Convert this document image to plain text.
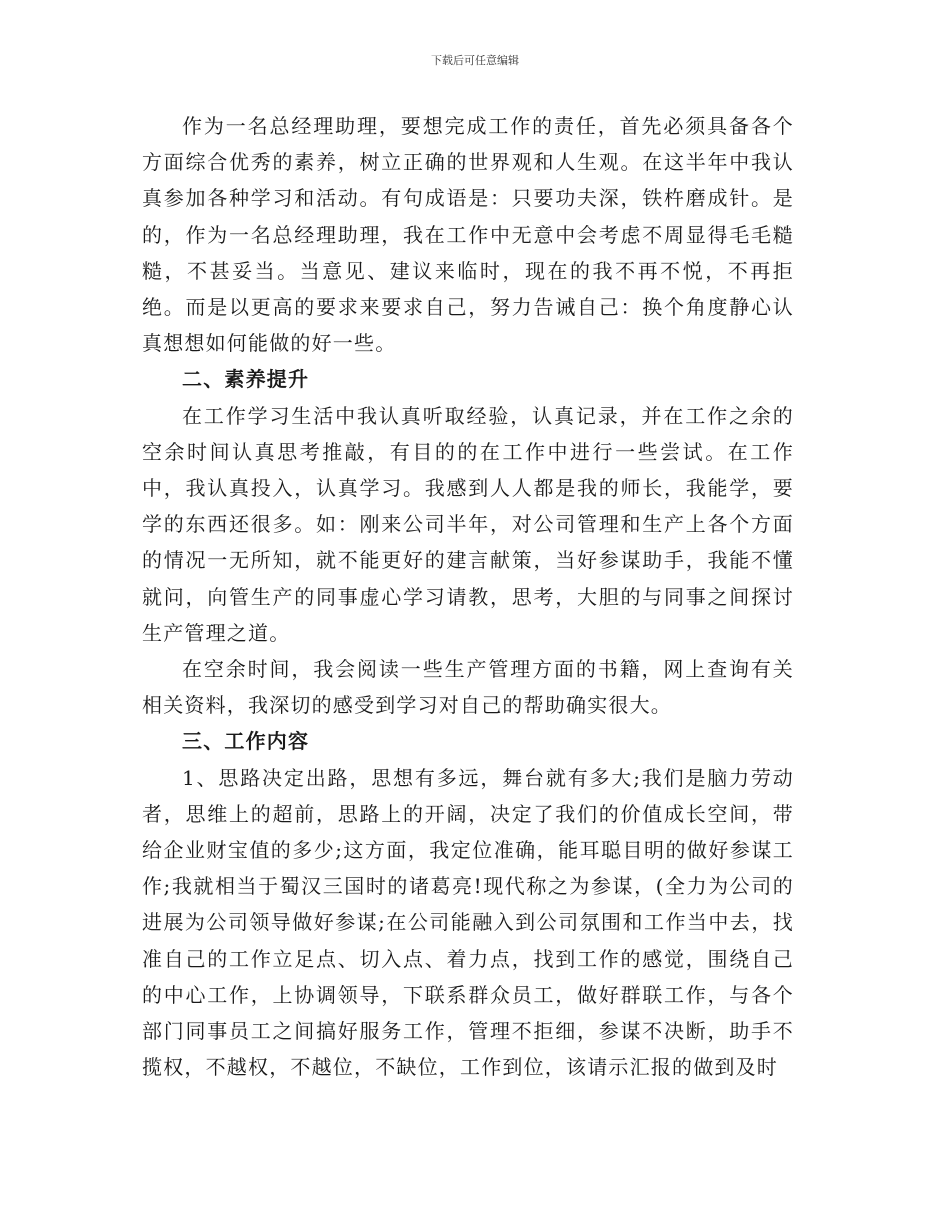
下载后可任意编辑

作为一名总经理助理，要想完成工作的责任，首先必须具备各个方面综合优秀的素养，树立正确的世界观和人生观。在这半年中我认真参加各种学习和活动。有句成语是：只要功夫深，铁杵磨成针。是的，作为一名总经理助理，我在工作中无意中会考虑不周显得毛毛糙糙，不甚妥当。当意见、建议来临时，现在的我不再不悦，不再拒绝。而是以更高的要求来要求自己，努力告诫自己：换个角度静心认真想想如何能做的好一些。

二、素养提升

在工作学习生活中我认真听取经验，认真记录，并在工作之余的空余时间认真思考推敲，有目的的在工作中进行一些尝试。在工作中，我认真投入，认真学习。我感到人人都是我的师长，我能学，要学的东西还很多。如：刚来公司半年，对公司管理和生产上各个方面的情况一无所知，就不能更好的建言献策，当好参谋助手，我能不懂就问，向管生产的同事虚心学习请教，思考，大胆的与同事之间探讨生产管理之道。

在空余时间，我会阅读一些生产管理方面的书籍，网上查询有关相关资料，我深切的感受到学习对自己的帮助确实很大。

三、工作内容

1、思路决定出路，思想有多远，舞台就有多大;我们是脑力劳动者，思维上的超前，思路上的开阔，决定了我们的价值成长空间，带给企业财宝值的多少;这方面，我定位准确，能耳聪目明的做好参谋工作;我就相当于蜀汉三国时的诸葛亮!现代称之为参谋，(全力为公司的进展为公司领导做好参谋;在公司能融入到公司氛围和工作当中去，找准自己的工作立足点、切入点、着力点，找到工作的感觉，围绕自己的中心工作，上协调领导，下联系群众员工，做好群联工作，与各个部门同事员工之间搞好服务工作，管理不拒细，参谋不决断，助手不揽权，不越权，不越位，不缺位，工作到位，该请示汇报的做到及时
